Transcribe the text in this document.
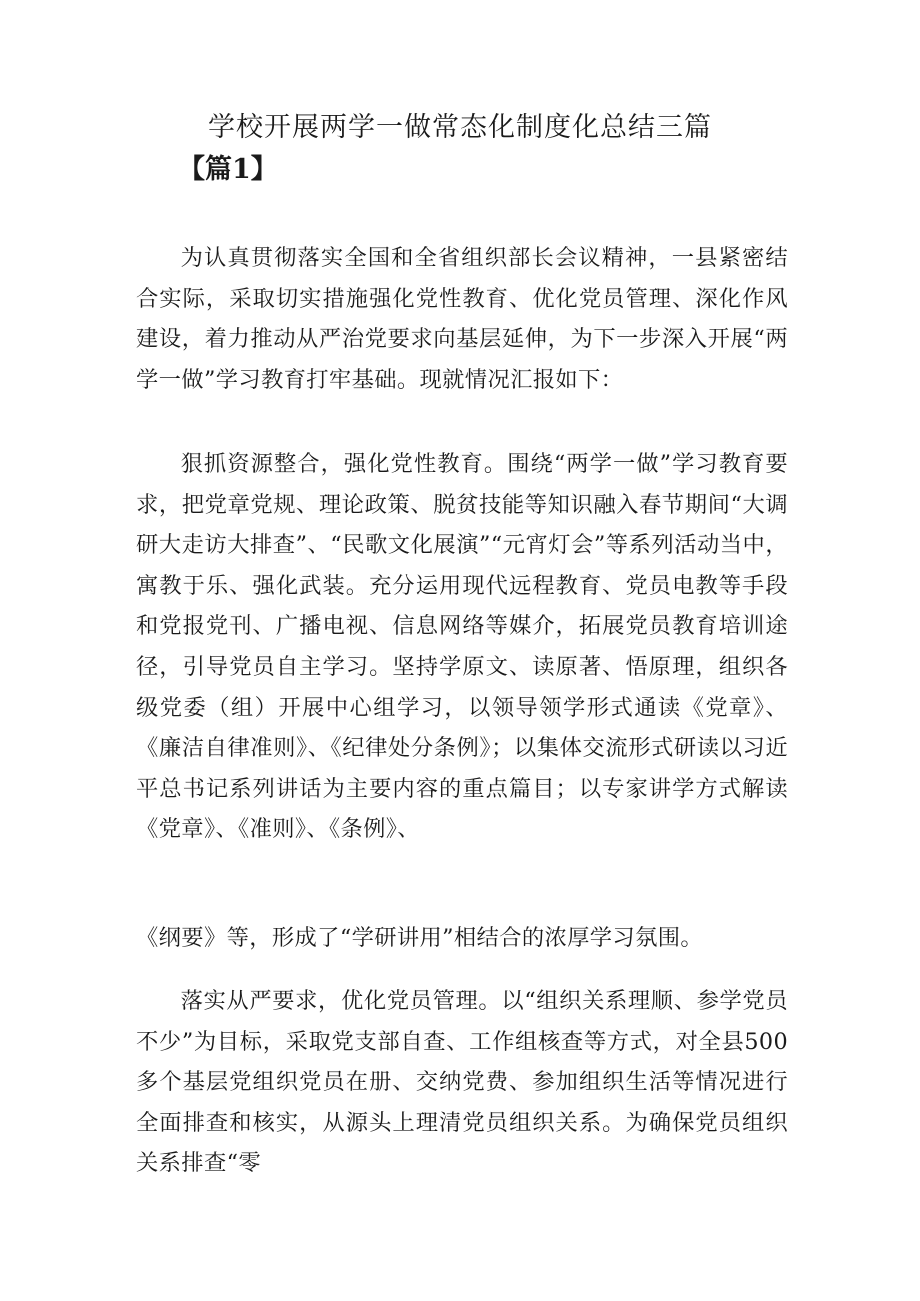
学校开展两学一做常态化制度化总结三篇
【篇1】

为认真贯彻落实全国和全省组织部长会议精神，一县紧密结合实际，采取切实措施强化党性教育、优化党员管理、深化作风建设，着力推动从严治党要求向基层延伸，为下一步深入开展“两学一做”学习教育打牢基础。现就情况汇报如下：

狠抓资源整合，强化党性教育。围绕“两学一做”学习教育要求，把党章党规、理论政策、脱贫技能等知识融入春节期间“大调研大走访大排查”、“民歌文化展演”“元宵灯会”等系列活动当中，寓教于乐、强化武装。充分运用现代远程教育、党员电教等手段和党报党刊、广播电视、信息网络等媒介，拓展党员教育培训途径，引导党员自主学习。坚持学原文、读原著、悟原理，组织各级党委（组）开展中心组学习，以领导领学形式通读《党章》、《廉洁自律准则》、《纪律处分条例》；以集体交流形式研读以习近平总书记系列讲话为主要内容的重点篇目；以专家讲学方式解读《党章》、《准则》、《条例》、

《纲要》等，形成了“学研讲用”相结合的浓厚学习氛围。

落实从严要求，优化党员管理。以“组织关系理顺、参学党员不少”为目标，采取党支部自查、工作组核查等方式，对全县500多个基层党组织党员在册、交纳党费、参加组织生活等情况进行全面排查和核实，从源头上理清党员组织关系。为确保党员组织关系排查“零
